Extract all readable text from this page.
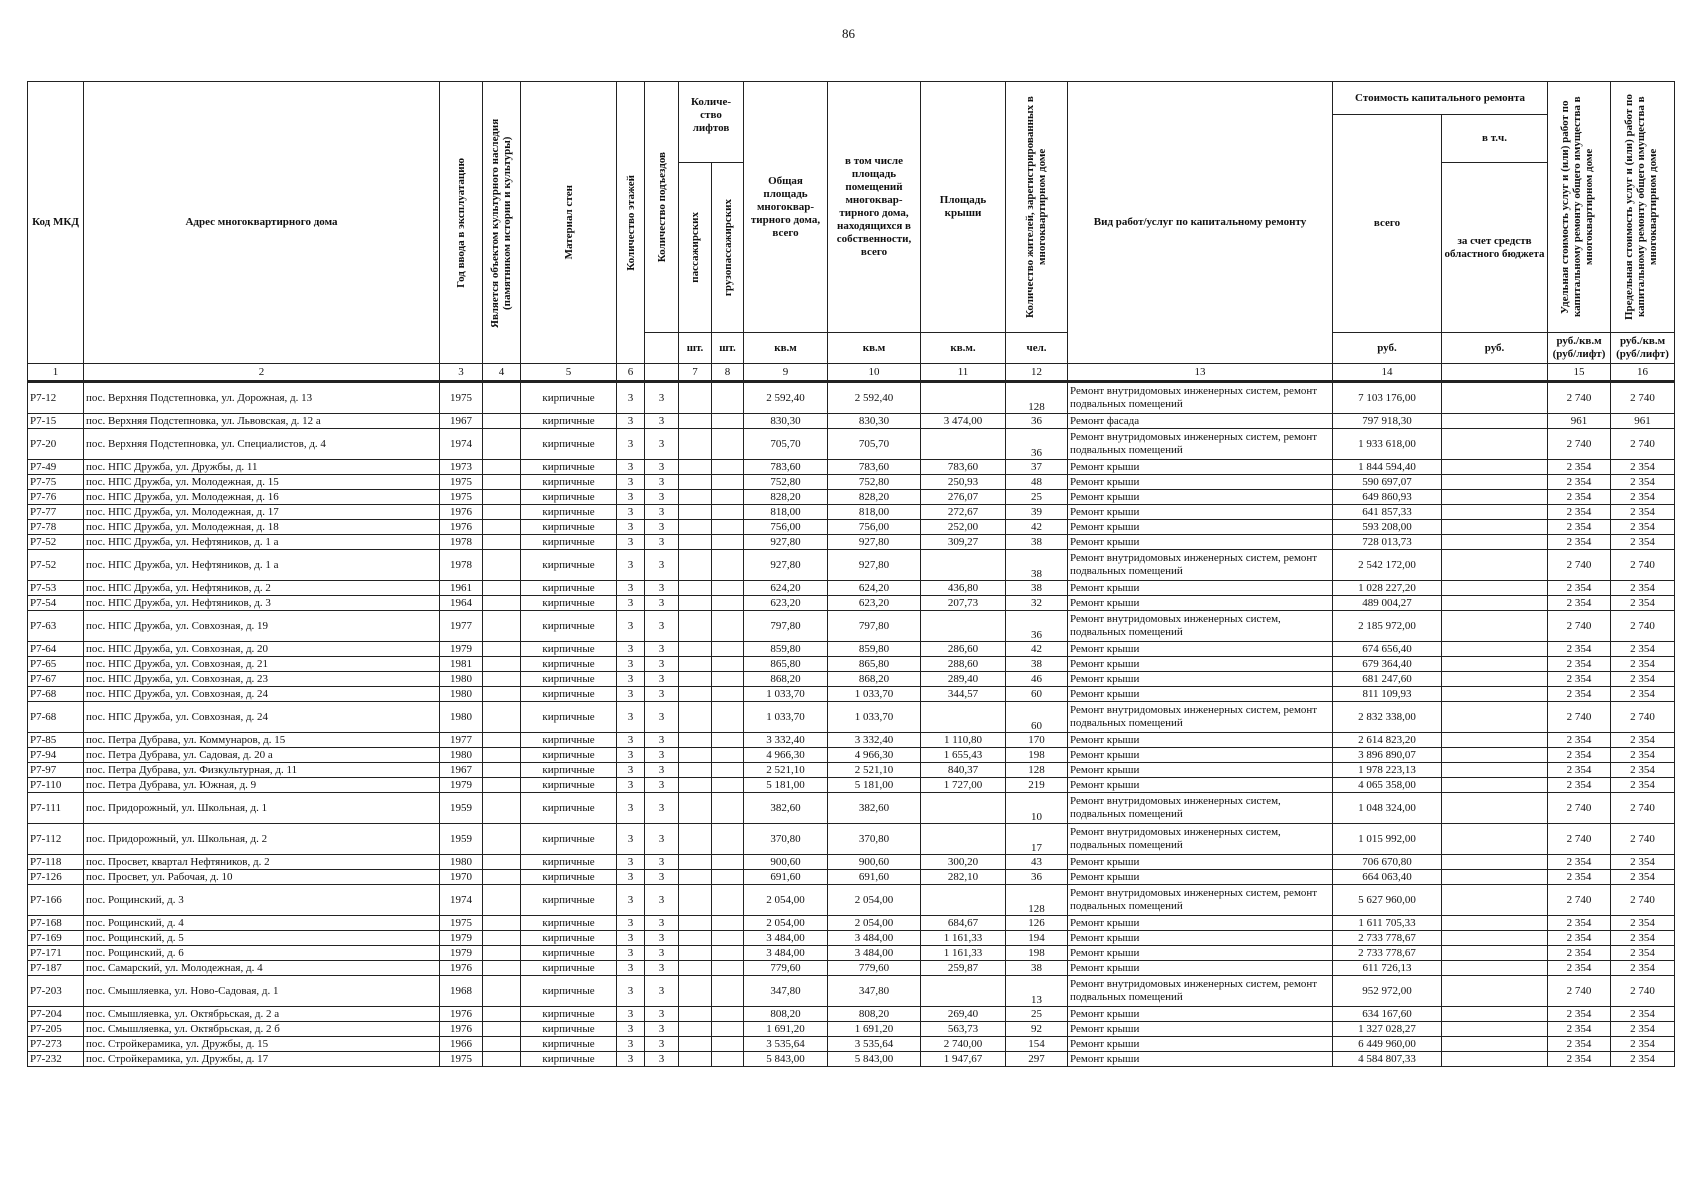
86
Код МКД	Адрес многоквартирного дома	Год ввода в эксплуатацию	Является объектом культурного наследия (памятником истории и культуры)	Материал стен	Количество этажей	Количество подъездов	Количе-ство лифтов		Общая площадь многоквар-тирного дома, всего	в том числе площадь помещений многоквар-тирного дома, находящихся в собственности, всего	Площадь крыши	Количество жителей, зарегистрированных в многоквартирном доме	Вид работ/услуг по капитальному ремонту	Стоимость капитального ремонта		Удельная стоимость услуг и (или) работ по капитальному ремонту общего имущества в многоквартирном доме	Предельная стоимость услуг и (или) работ по капитальному ремонту общего имущества в многоквартирном доме

														всего	в т.ч.		

							пассажирских	грузопассажирских							за счет средств областного бюджета		
							шт.	шт.	кв.м	кв.м	кв.м.	чел.		руб.	руб.	руб./кв.м (руб/лифт)	руб./кв.м (руб/лифт)
1	2	3	4	5	6		7	8	9	10	11	12	13	14		15	16
Р7-12	пос. Верхняя Подстепновка, ул. Дорожная, д. 13	1975		кирпичные	3	3			2 592,40	2 592,40		128	Ремонт внутридомовых инженерных систем, ремонт подвальных помещений	7 103 176,00		2 740	2 740
Р7-15	пос. Верхняя Подстепновка, ул. Львовская, д. 12 а	1967		кирпичные	3	3			830,30	830,30	3 474,00	36	Ремонт фасада	797 918,30		961	961
Р7-20	пос. Верхняя Подстепновка, ул. Специалистов, д. 4	1974		кирпичные	3	3			705,70	705,70		36	Ремонт внутридомовых инженерных систем, ремонт подвальных помещений	1 933 618,00		2 740	2 740
Р7-49	пос. НПС Дружба, ул. Дружбы, д. 11	1973		кирпичные	3	3			783,60	783,60	783,60	37	Ремонт крыши	1 844 594,40		2 354	2 354
Р7-75	пос. НПС Дружба, ул. Молодежная, д. 15	1975		кирпичные	3	3			752,80	752,80	250,93	48	Ремонт крыши	590 697,07		2 354	2 354
Р7-76	пос. НПС Дружба, ул. Молодежная, д. 16	1975		кирпичные	3	3			828,20	828,20	276,07	25	Ремонт крыши	649 860,93		2 354	2 354
Р7-77	пос. НПС Дружба, ул. Молодежная, д. 17	1976		кирпичные	3	3			818,00	818,00	272,67	39	Ремонт крыши	641 857,33		2 354	2 354
Р7-78	пос. НПС Дружба, ул. Молодежная, д. 18	1976		кирпичные	3	3			756,00	756,00	252,00	42	Ремонт крыши	593 208,00		2 354	2 354
Р7-52	пос. НПС Дружба, ул. Нефтяников, д. 1 а	1978		кирпичные	3	3			927,80	927,80	309,27	38	Ремонт крыши	728 013,73		2 354	2 354
Р7-52	пос. НПС Дружба, ул. Нефтяников, д. 1 а	1978		кирпичные	3	3			927,80	927,80		38	Ремонт внутридомовых инженерных систем, ремонт подвальных помещений	2 542 172,00		2 740	2 740
Р7-53	пос. НПС Дружба, ул. Нефтяников, д. 2	1961		кирпичные	3	3			624,20	624,20	436,80	38	Ремонт крыши	1 028 227,20		2 354	2 354
Р7-54	пос. НПС Дружба, ул. Нефтяников, д. 3	1964		кирпичные	3	3			623,20	623,20	207,73	32	Ремонт крыши	489 004,27		2 354	2 354
Р7-63	пос. НПС Дружба, ул. Совхозная, д. 19	1977		кирпичные	3	3			797,80	797,80		36	Ремонт внутридомовых инженерных систем, подвальных помещений	2 185 972,00		2 740	2 740
Р7-64	пос. НПС Дружба, ул. Совхозная, д. 20	1979		кирпичные	3	3			859,80	859,80	286,60	42	Ремонт крыши	674 656,40		2 354	2 354
Р7-65	пос. НПС Дружба, ул. Совхозная, д. 21	1981		кирпичные	3	3			865,80	865,80	288,60	38	Ремонт крыши	679 364,40		2 354	2 354
Р7-67	пос. НПС Дружба, ул. Совхозная, д. 23	1980		кирпичные	3	3			868,20	868,20	289,40	46	Ремонт крыши	681 247,60		2 354	2 354
Р7-68	пос. НПС Дружба, ул. Совхозная, д. 24	1980		кирпичные	3	3			1 033,70	1 033,70	344,57	60	Ремонт крыши	811 109,93		2 354	2 354
Р7-68	пос. НПС Дружба, ул. Совхозная, д. 24	1980		кирпичные	3	3			1 033,70	1 033,70		60	Ремонт внутридомовых инженерных систем, ремонт подвальных помещений	2 832 338,00		2 740	2 740
Р7-85	пос. Петра Дубрава, ул. Коммунаров, д. 15	1977		кирпичные	3	3			3 332,40	3 332,40	1 110,80	170	Ремонт крыши	2 614 823,20		2 354	2 354
Р7-94	пос. Петра Дубрава, ул. Садовая, д. 20 а	1980		кирпичные	3	3			4 966,30	4 966,30	1 655,43	198	Ремонт крыши	3 896 890,07		2 354	2 354
Р7-97	пос. Петра Дубрава, ул. Физкультурная, д. 11	1967		кирпичные	3	3			2 521,10	2 521,10	840,37	128	Ремонт крыши	1 978 223,13		2 354	2 354
Р7-110	пос. Петра Дубрава, ул. Южная, д. 9	1979		кирпичные	3	3			5 181,00	5 181,00	1 727,00	219	Ремонт крыши	4 065 358,00		2 354	2 354
Р7-111	пос. Придорожный, ул. Школьная, д. 1	1959		кирпичные	3	3			382,60	382,60		10	Ремонт внутридомовых инженерных систем, подвальных помещений	1 048 324,00		2 740	2 740
Р7-112	пос. Придорожный, ул. Школьная, д. 2	1959		кирпичные	3	3			370,80	370,80		17	Ремонт внутридомовых инженерных систем, подвальных помещений	1 015 992,00		2 740	2 740
Р7-118	пос. Просвет, квартал Нефтяников, д. 2	1980		кирпичные	3	3			900,60	900,60	300,20	43	Ремонт крыши	706 670,80		2 354	2 354
Р7-126	пос. Просвет, ул. Рабочая, д. 10	1970		кирпичные	3	3			691,60	691,60	282,10	36	Ремонт крыши	664 063,40		2 354	2 354
Р7-166	пос. Рощинский, д. 3	1974		кирпичные	3	3			2 054,00	2 054,00		128	Ремонт внутридомовых инженерных систем, ремонт подвальных помещений	5 627 960,00		2 740	2 740
Р7-168	пос. Рощинский, д. 4	1975		кирпичные	3	3			2 054,00	2 054,00	684,67	126	Ремонт крыши	1 611 705,33		2 354	2 354
Р7-169	пос. Рощинский, д. 5	1979		кирпичные	3	3			3 484,00	3 484,00	1 161,33	194	Ремонт крыши	2 733 778,67		2 354	2 354
Р7-171	пос. Рощинский, д. 6	1979		кирпичные	3	3			3 484,00	3 484,00	1 161,33	198	Ремонт крыши	2 733 778,67		2 354	2 354
Р7-187	пос. Самарский, ул. Молодежная, д. 4	1976		кирпичные	3	3			779,60	779,60	259,87	38	Ремонт крыши	611 726,13		2 354	2 354
Р7-203	пос. Смышляевка, ул. Ново-Садовая, д. 1	1968		кирпичные	3	3			347,80	347,80		13	Ремонт внутридомовых инженерных систем, ремонт подвальных помещений	952 972,00		2 740	2 740
Р7-204	пос. Смышляевка, ул. Октябрьская, д. 2 а	1976		кирпичные	3	3			808,20	808,20	269,40	25	Ремонт крыши	634 167,60		2 354	2 354
Р7-205	пос. Смышляевка, ул. Октябрьская, д. 2 б	1976		кирпичные	3	3			1 691,20	1 691,20	563,73	92	Ремонт крыши	1 327 028,27		2 354	2 354
Р7-273	пос. Стройкерамика, ул. Дружбы, д. 15	1966		кирпичные	3	3			3 535,64	3 535,64	2 740,00	154	Ремонт крыши	6 449 960,00		2 354	2 354
Р7-232	пос. Стройкерамика, ул. Дружбы, д. 17	1975		кирпичные	3	3			5 843,00	5 843,00	1 947,67	297	Ремонт крыши	4 584 807,33		2 354	2 354
